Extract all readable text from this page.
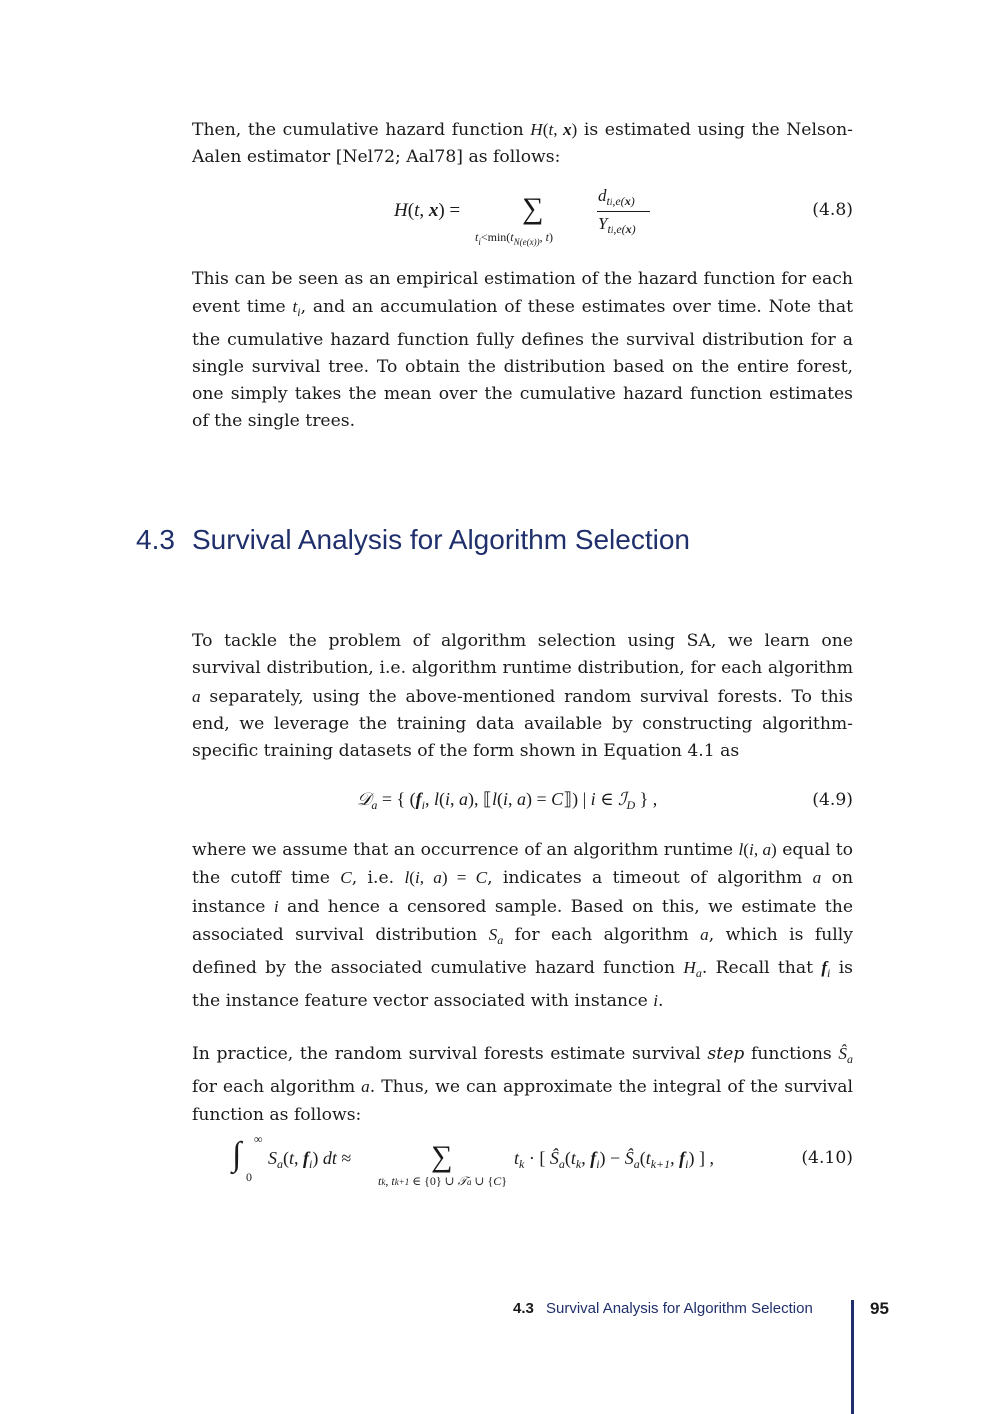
Then, the cumulative hazard function H(t, x) is estimated using the Nelson-Aalen estimator [Nel72; Aal78] as follows:
H(t, x) = ∑
$t_i<\min(t_{N(e(x))}$, t)
$d_{ti,e(x)}$
$Y_{ti,e(x)}$
(4.8)
This can be seen as an empirical estimation of the hazard function for each event time $t_i$, and an accumulation of these estimates over time. Note that the cumulative hazard function fully defines the survival distribution for a single survival tree. To obtain the distribution based on the entire forest, one simply takes the mean over the cumulative hazard function estimates of the single trees.
4.3 Survival Analysis for Algorithm Selection
To tackle the problem of algorithm selection using SA, we learn one survival distribution, i.e. algorithm runtime distribution, for each algorithm a separately, using the above-mentioned random survival forests. To this end, we leverage the training data available by constructing algorithm-specific training datasets of the form shown in Equation 4.1 as
𝒟$_a$ = { ($f_i$, l(i, a), ⟦l(i, a) = C⟧) | i ∈ ℐ$_D$ } ,	(4.9)
where we assume that an occurrence of an algorithm runtime l(i, a) equal to the cutoff time C, i.e. l(i, a) = C, indicates a timeout of algorithm a on instance i and hence a censored sample. Based on this, we estimate the associated survival distribution $S_a$ for each algorithm a, which is fully defined by the associated cumulative hazard function $H_a$. Recall that $f_i$ is the instance feature vector associated with instance i.
In practice, the random survival forests estimate survival step functions $Ŝ_a$ for each algorithm a. Thus, we can approximate the integral of the survival function as follows:
∫ ∞
0
$S_a(t$, $f_i$) dt ≈	∑
tk, tk+1 ∈ {0} ∪ 𝒯a ∪ {C}
$t_k$ · [ $Ŝ_a(t_k$, $f_i$) − $Ŝ_a(t_{k+1}$, $f_i$) ] ,	(4.10)
4.3 Survival Analysis for Algorithm Selection	95
